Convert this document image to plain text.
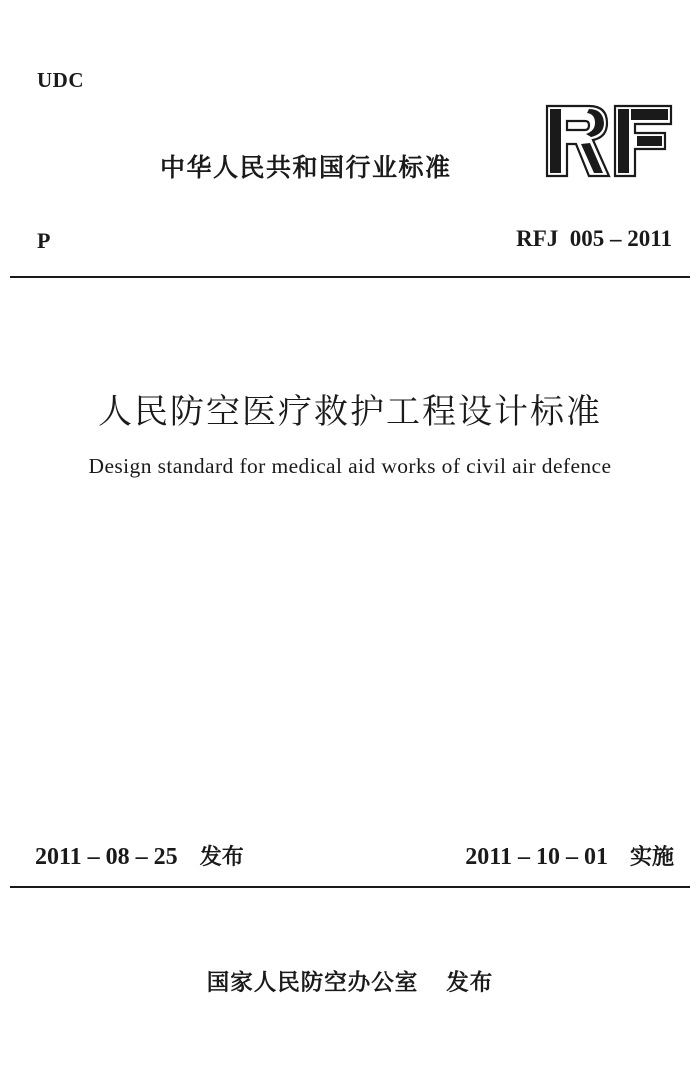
UDC
中华人民共和国行业标准
P	RFJ  005 – 2011
人民防空医疗救护工程设计标准
Design standard for medical aid works of civil air defence
2011 – 08 – 25 发布	2011 – 10 – 01 实施
国家人民防空办公室 发布
